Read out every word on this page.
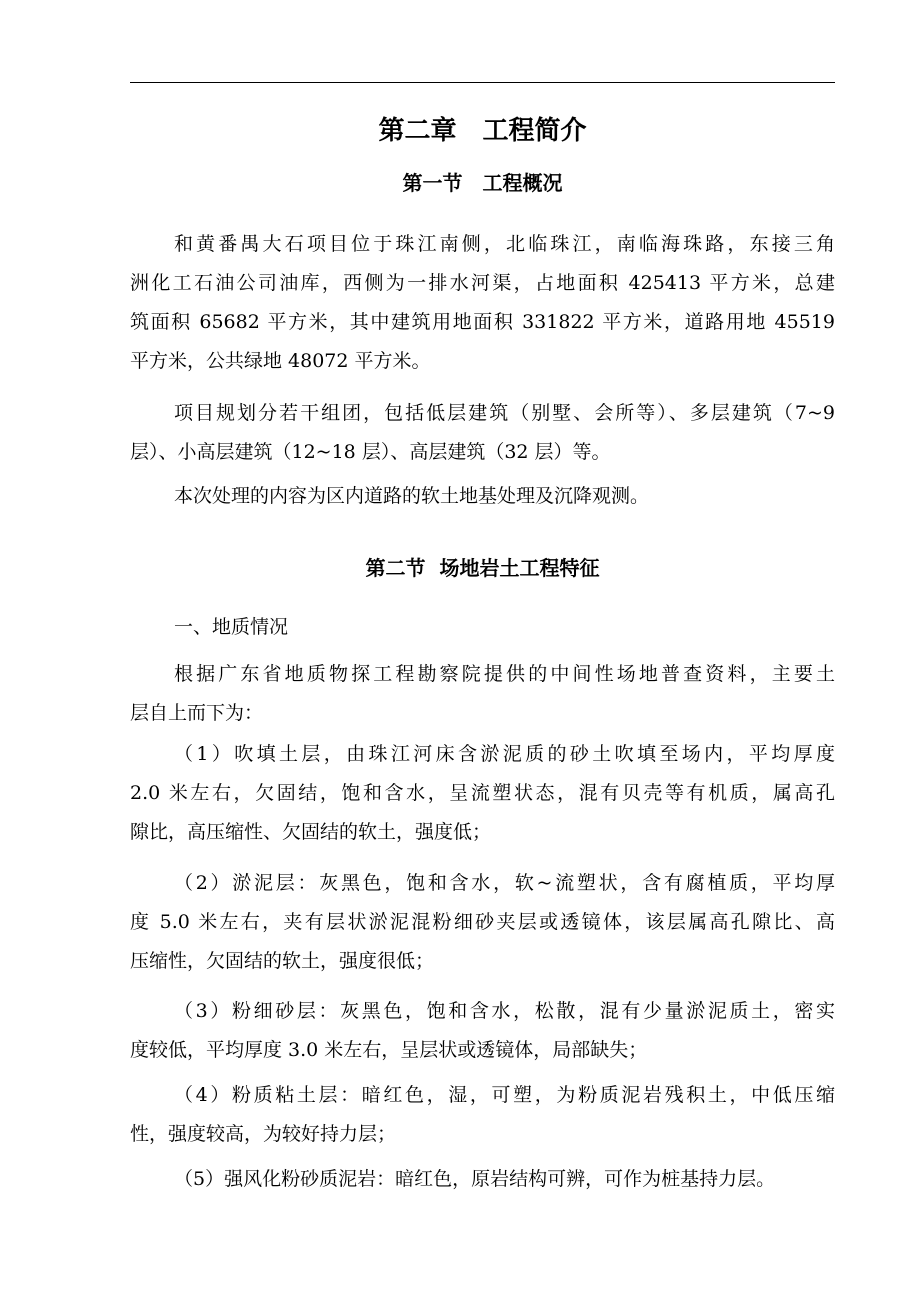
第二章　工程简介
第一节　工程概况
和黄番禺大石项目位于珠江南侧，北临珠江，南临海珠路，东接三角
洲化工石油公司油库，西侧为一排水河渠，占地面积 425413 平方米，总建
筑面积 65682 平方米，其中建筑用地面积 331822 平方米，道路用地 45519
平方米，公共绿地 48072 平方米。
项目规划分若干组团，包括低层建筑（别墅、会所等）、多层建筑（7~9
层）、小高层建筑（12~18 层）、高层建筑（32 层）等。
本次处理的内容为区内道路的软土地基处理及沉降观测。
第二节  场地岩土工程特征
一、地质情况
根据广东省地质物探工程勘察院提供的中间性场地普查资料，主要土
层自上而下为：
（1）吹填土层，由珠江河床含淤泥质的砂土吹填至场内，平均厚度
2.0 米左右，欠固结，饱和含水，呈流塑状态，混有贝壳等有机质，属高孔
隙比，高压缩性、欠固结的软土，强度低；
（2）淤泥层：灰黑色，饱和含水，软~流塑状，含有腐植质，平均厚
度 5.0 米左右，夹有层状淤泥混粉细砂夹层或透镜体，该层属高孔隙比、高
压缩性，欠固结的软土，强度很低；
（3）粉细砂层：灰黑色，饱和含水，松散，混有少量淤泥质土，密实
度较低，平均厚度 3.0 米左右，呈层状或透镜体，局部缺失；
（4）粉质粘土层：暗红色，湿，可塑，为粉质泥岩残积土，中低压缩
性，强度较高，为较好持力层；
（5）强风化粉砂质泥岩：暗红色，原岩结构可辨，可作为桩基持力层。
